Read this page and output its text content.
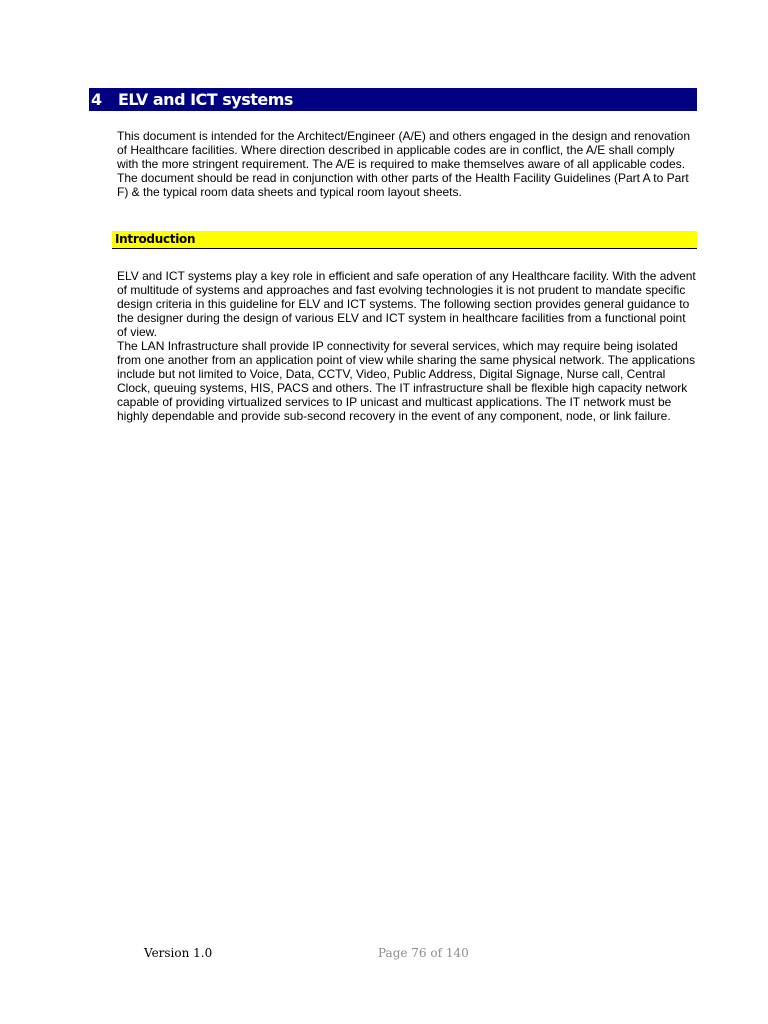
4 ELV and ICT systems

This document is intended for the Architect/Engineer (A/E) and others engaged in the design and renovation of Healthcare facilities. Where direction described in applicable codes are in conflict, the A/E shall comply with the more stringent requirement. The A/E is required to make themselves aware of all applicable codes.

The document should be read in conjunction with other parts of the Health Facility Guidelines (Part A to Part F) & the typical room data sheets and typical room layout sheets.

Introduction

ELV and ICT systems play a key role in efficient and safe operation of any Healthcare facility. With the advent of multitude of systems and approaches and fast evolving technologies it is not prudent to mandate specific design criteria in this guideline for ELV and ICT systems. The following section provides general guidance to the designer during the design of various ELV and ICT system in healthcare facilities from a functional point of view.

The LAN Infrastructure shall provide IP connectivity for several services, which may require being isolated from one another from an application point of view while sharing the same physical network. The applications include but not limited to Voice, Data, CCTV, Video, Public Address, Digital Signage, Nurse call, Central Clock, queuing systems, HIS, PACS and others. The IT infrastructure shall be flexible high capacity network capable of providing virtualized services to IP unicast and multicast applications. The IT network must be highly dependable and provide sub-second recovery in the event of any component, node, or link failure.

Version 1.0	Page 76 of 140
